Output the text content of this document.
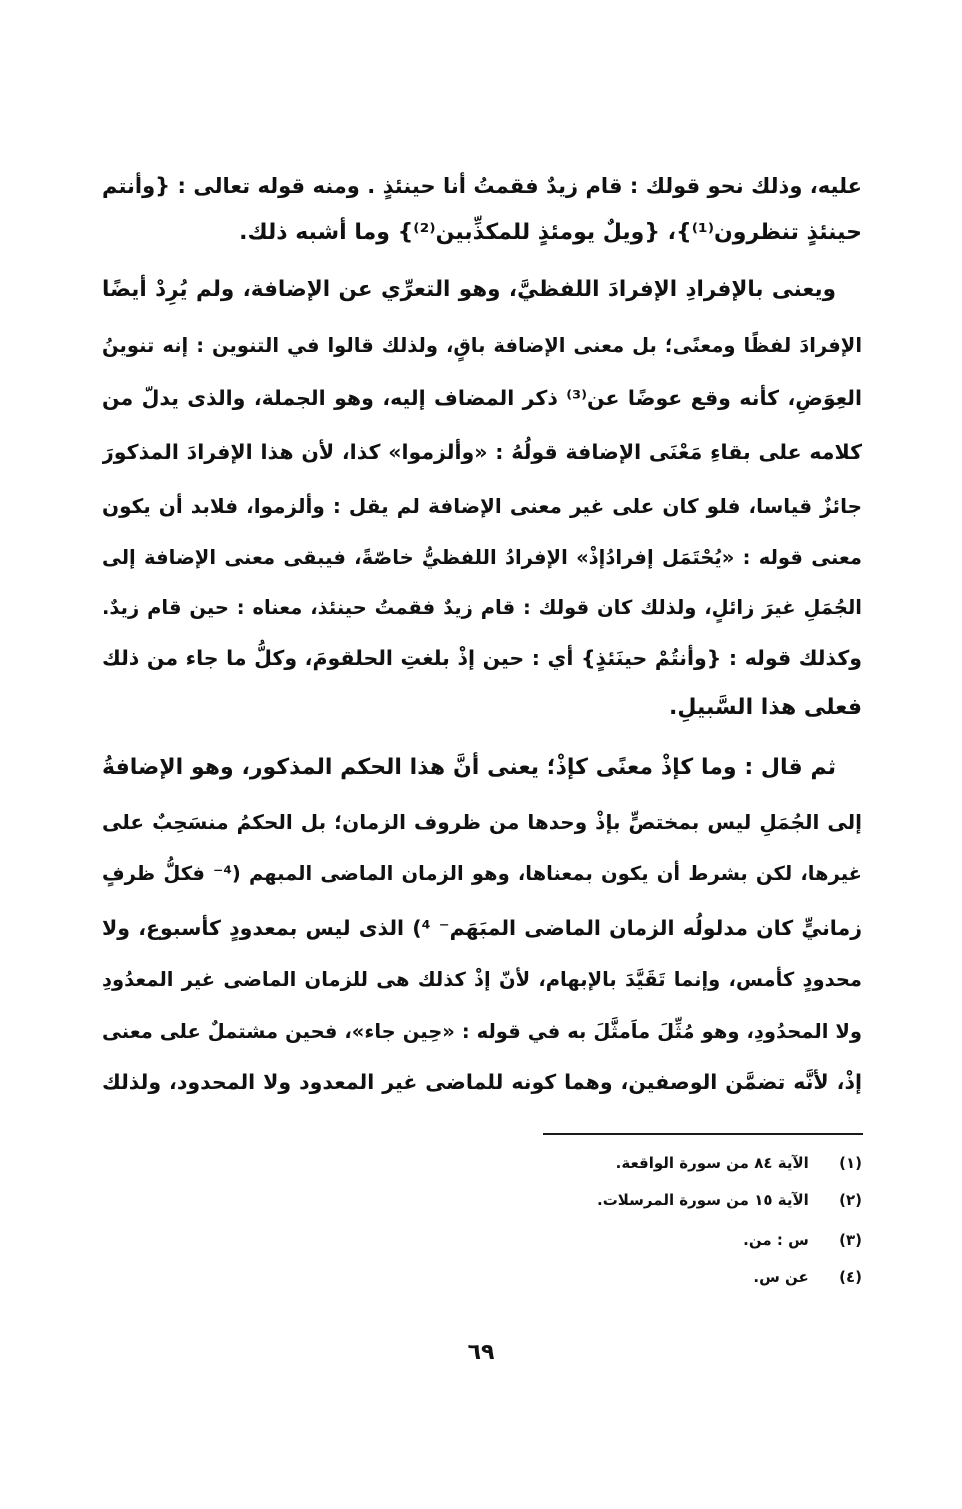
عليه، وذلك نحو قولك : قام زيدٌ فقمتُ أنا حينئذٍ . ومنه قوله تعالى : {وأنتم
حينئذٍ تنظرون⁽¹⁾}، {ويلٌ يومئذٍ للمكذِّبين⁽²⁾} وما أشبه ذلك.
ويعنى بالإفرادِ الإفرادَ اللفظيَّ، وهو التعرِّي عن الإضافة، ولم يُرِدْ أيضًا
الإفرادَ لفظًا ومعنًى؛ بل معنى الإضافة باقٍ، ولذلك قالوا في التنوين : إنه تنوينُ
العِوَضِ، كأنه وقع عوضًا عن⁽³⁾ ذكر المضاف إليه، وهو الجملة، والذى يدلّ من
كلامه على بقاءِ مَعْنَى الإضافة قولُهُ : «وألزموا» كذا، لأن هذا الإفرادَ المذكورَ
جائزٌ قياسا، فلو كان على غير معنى الإضافة لم يقل : وألزموا، فلابد أن يكون
معنى قوله : «يُحْتَمَل إفرادُإذْ» الإفرادُ اللفظيُّ خاصّةً، فيبقى معنى الإضافة إلى
الجُمَلِ غيرَ زائلٍ، ولذلك كان قولك : قام زيدٌ فقمتُ حينئذ، معناه : حين قام زيدٌ.
وكذلك قوله : {وأنتُمْ حينَئذٍ} أي : حين إذْ بلغتِ الحلقومَ، وكلُّ ما جاء من ذلك
فعلى هذا السَّبيلِ.
ثم قال : وما كإذْ معنًى كإذْ؛ يعنى أنَّ هذا الحكم المذكور، وهو الإضافةُ
إلى الجُمَلِ ليس بمختصٍّ بإذْ وحدها من ظروف الزمان؛ بل الحكمُ منسَحِبٌ على
غيرها، لكن بشرط أن يكون بمعناها، وهو الزمان الماضى المبهم (⁴⁻ فكلُّ ظرفٍ
زمانيٍّ كان مدلولُه الزمان الماضى المبَهَم⁻ ⁴) الذى ليس بمعدودٍ كأسبوع، ولا
محدودٍ كأمس، وإنما تَقَيَّدَ بالإبهام، لأنّ إذْ كذلك هى للزمان الماضى غير المعدُودِ
ولا المحدُودِ، وهو مُثِّلَ ماَمثَّلَ به في قوله : «حِين جاء»، فحين مشتملٌ على معنى
إذْ، لأنَّه تضمَّن الوصفين، وهما كونه للماضى غير المعدود ولا المحدود، ولذلك
(١) الآية ٨٤ من سورة الواقعة.
(٢) الآية ١٥ من سورة المرسلات.
(٣) س : من.
(٤) عن س.
٦٩
